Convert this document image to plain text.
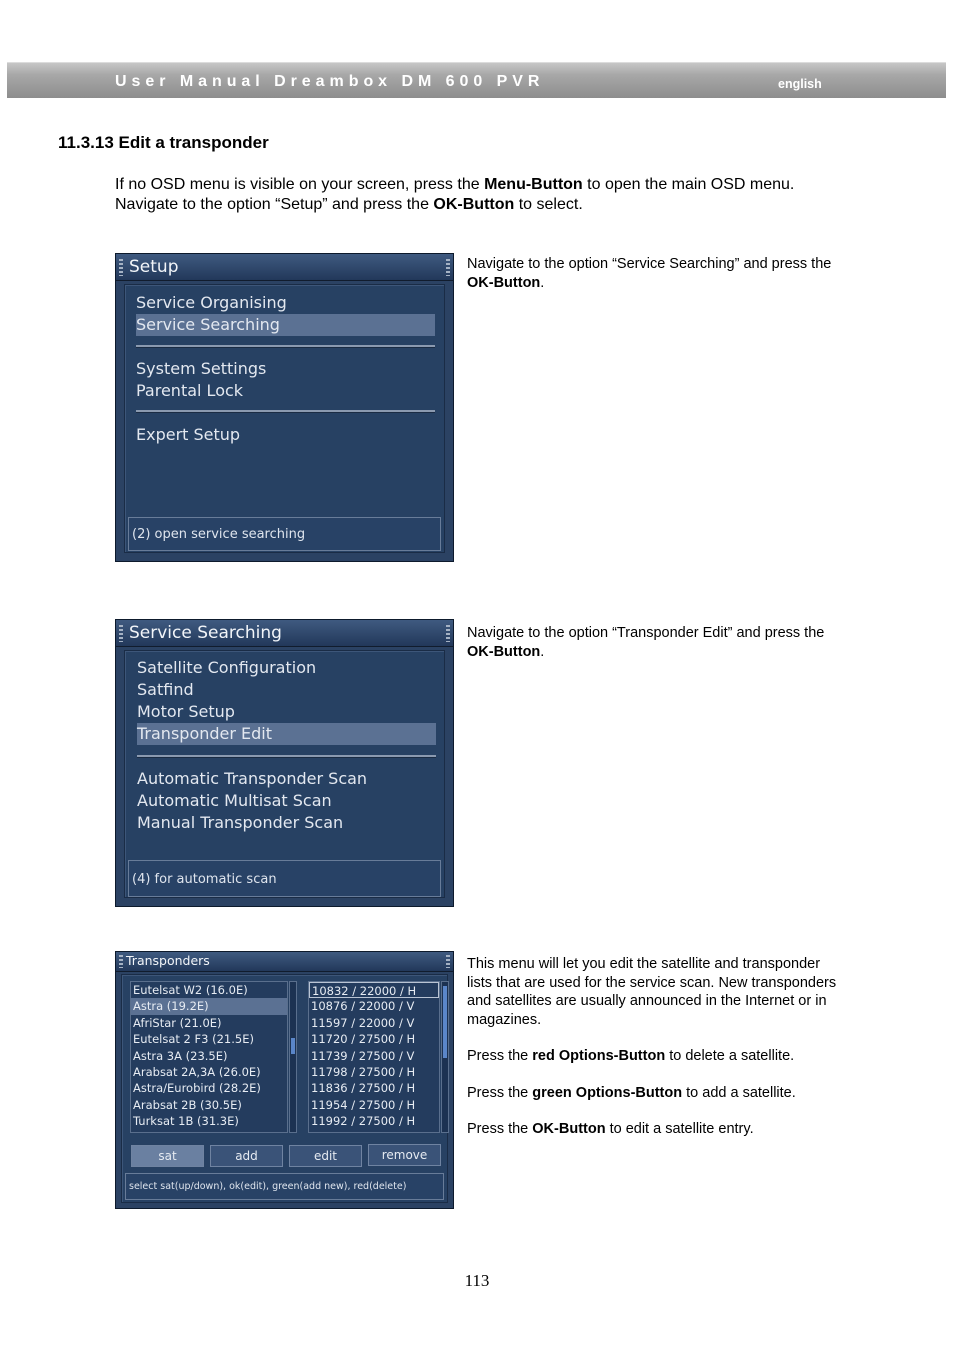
User Manual Dreambox DM 600 PVR	english
11.3.13 Edit a transponder

If no OSD menu is visible on your screen, press the Menu-Button to open the main OSD menu. Navigate to the option “Setup” and press the OK-Button to select.

Setup
Service Organising
Service Searching
System Settings
Parental Lock
Expert Setup
(2) open service searching

Navigate to the option “Service Searching” and press the OK-Button.

Service Searching
Satellite Configuration
Satfind
Motor Setup
Transponder Edit
Automatic Transponder Scan
Automatic Multisat Scan
Manual Transponder Scan
(4) for automatic scan

Navigate to the option “Transponder Edit” and press the OK-Button.

Transponders
Eutelsat W2 (16.0E)
Astra (19.2E)
AfriStar (21.0E)
Eutelsat 2 F3 (21.5E)
Astra 3A (23.5E)
Arabsat 2A,3A (26.0E)
Astra/Eurobird (28.2E)
Arabsat 2B (30.5E)
Turksat 1B (31.3E)
10832 / 22000 / H
10876 / 22000 / V
11597 / 22000 / V
11720 / 27500 / H
11739 / 27500 / V
11798 / 27500 / H
11836 / 27500 / H
11954 / 27500 / H
11992 / 27500 / H
sat	add	edit	remove
select sat(up/down), ok(edit), green(add new), red(delete)

This menu will let you edit the satellite and transponder lists that are used for the service scan. New transponders and satellites are usually announced in the Internet or in magazines.

Press the red Options-Button to delete a satellite.

Press the green Options-Button to add a satellite.

Press the OK-Button to edit a satellite entry.

113
